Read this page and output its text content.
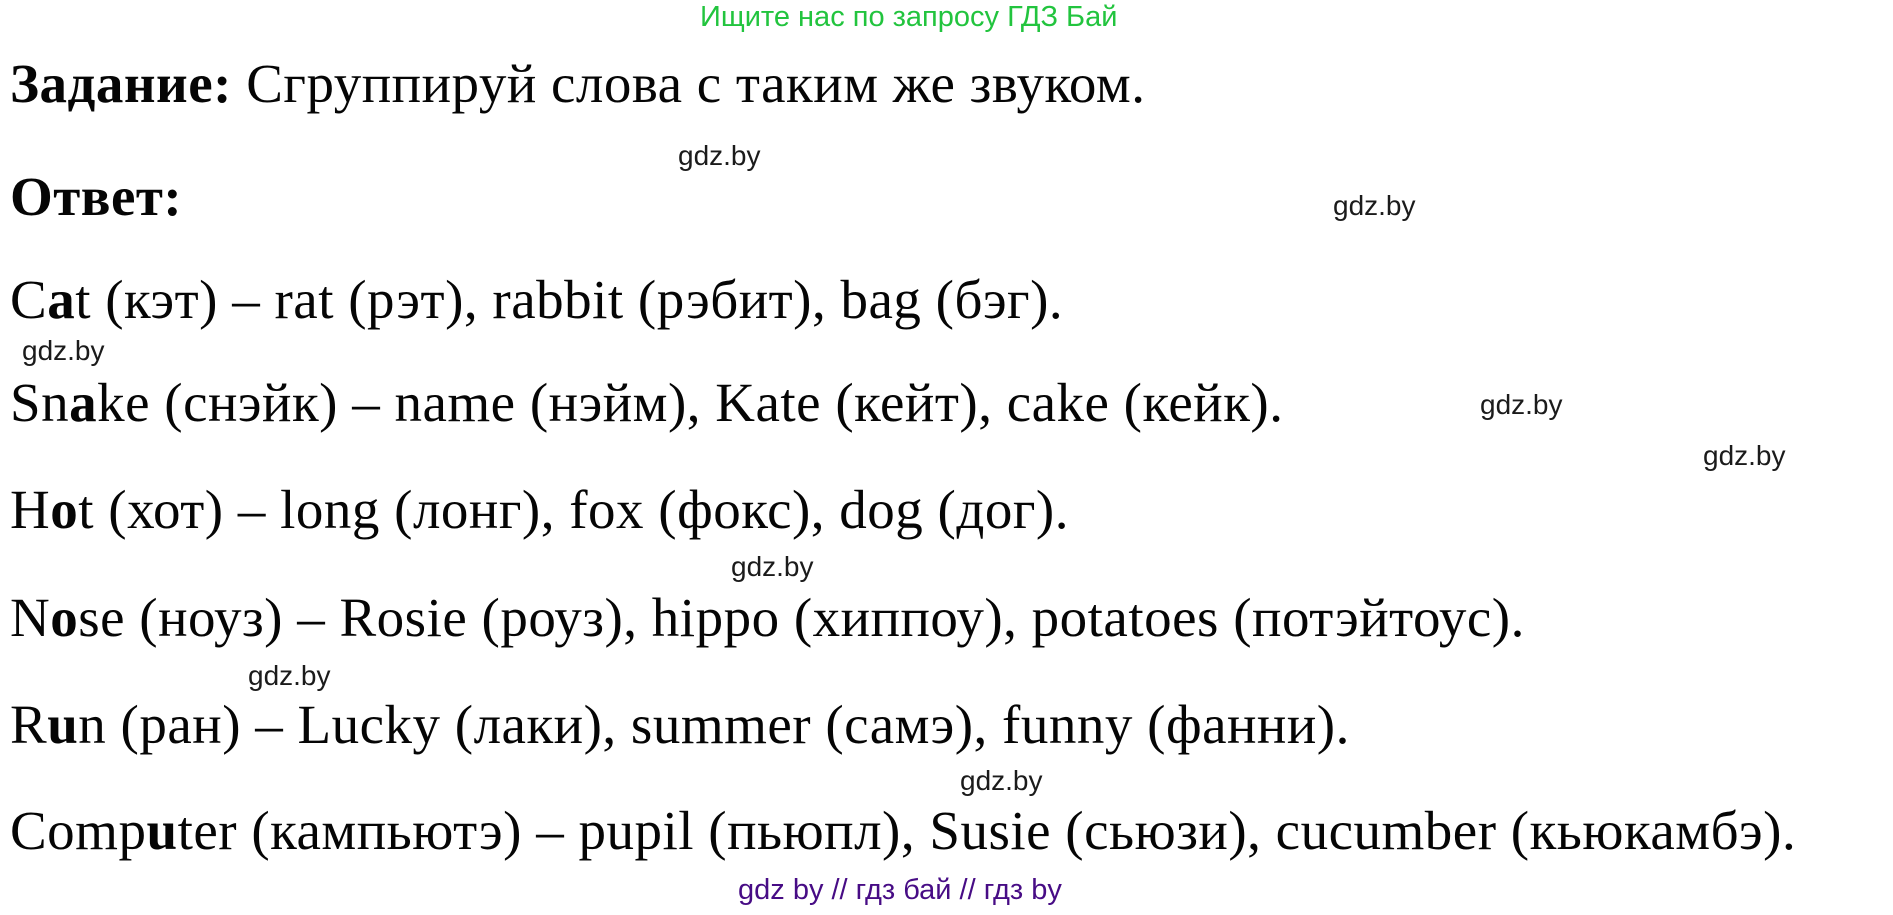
Ищите нас по запросу ГДЗ Бай
Задание: Сгруппируй слова с таким же звуком.
gdz.by
Ответ:	gdz.by
Cat (кэт) – rat (рэт), rabbit (рэбит), bag (бэг).
gdz.by
Snake (снэйк) – name (нэйм), Kate (кейт), cake (кейк).	gdz.by
gdz.by
Hot (хот) – long (лонг), fox (фокс), dog (дог).
gdz.by
Nose (ноуз) – Rosie (роуз), hippo (хиппоу), potatoes (потэйтоус).
gdz.by
Run (ран) – Lucky (лаки), summer (самэ), funny (фанни).
gdz.by
Computer (кампьютэ) – pupil (пьюпл), Susie (сьюзи), cucumber (кьюкамбэ).
gdz by // гдз бай // гдз by
